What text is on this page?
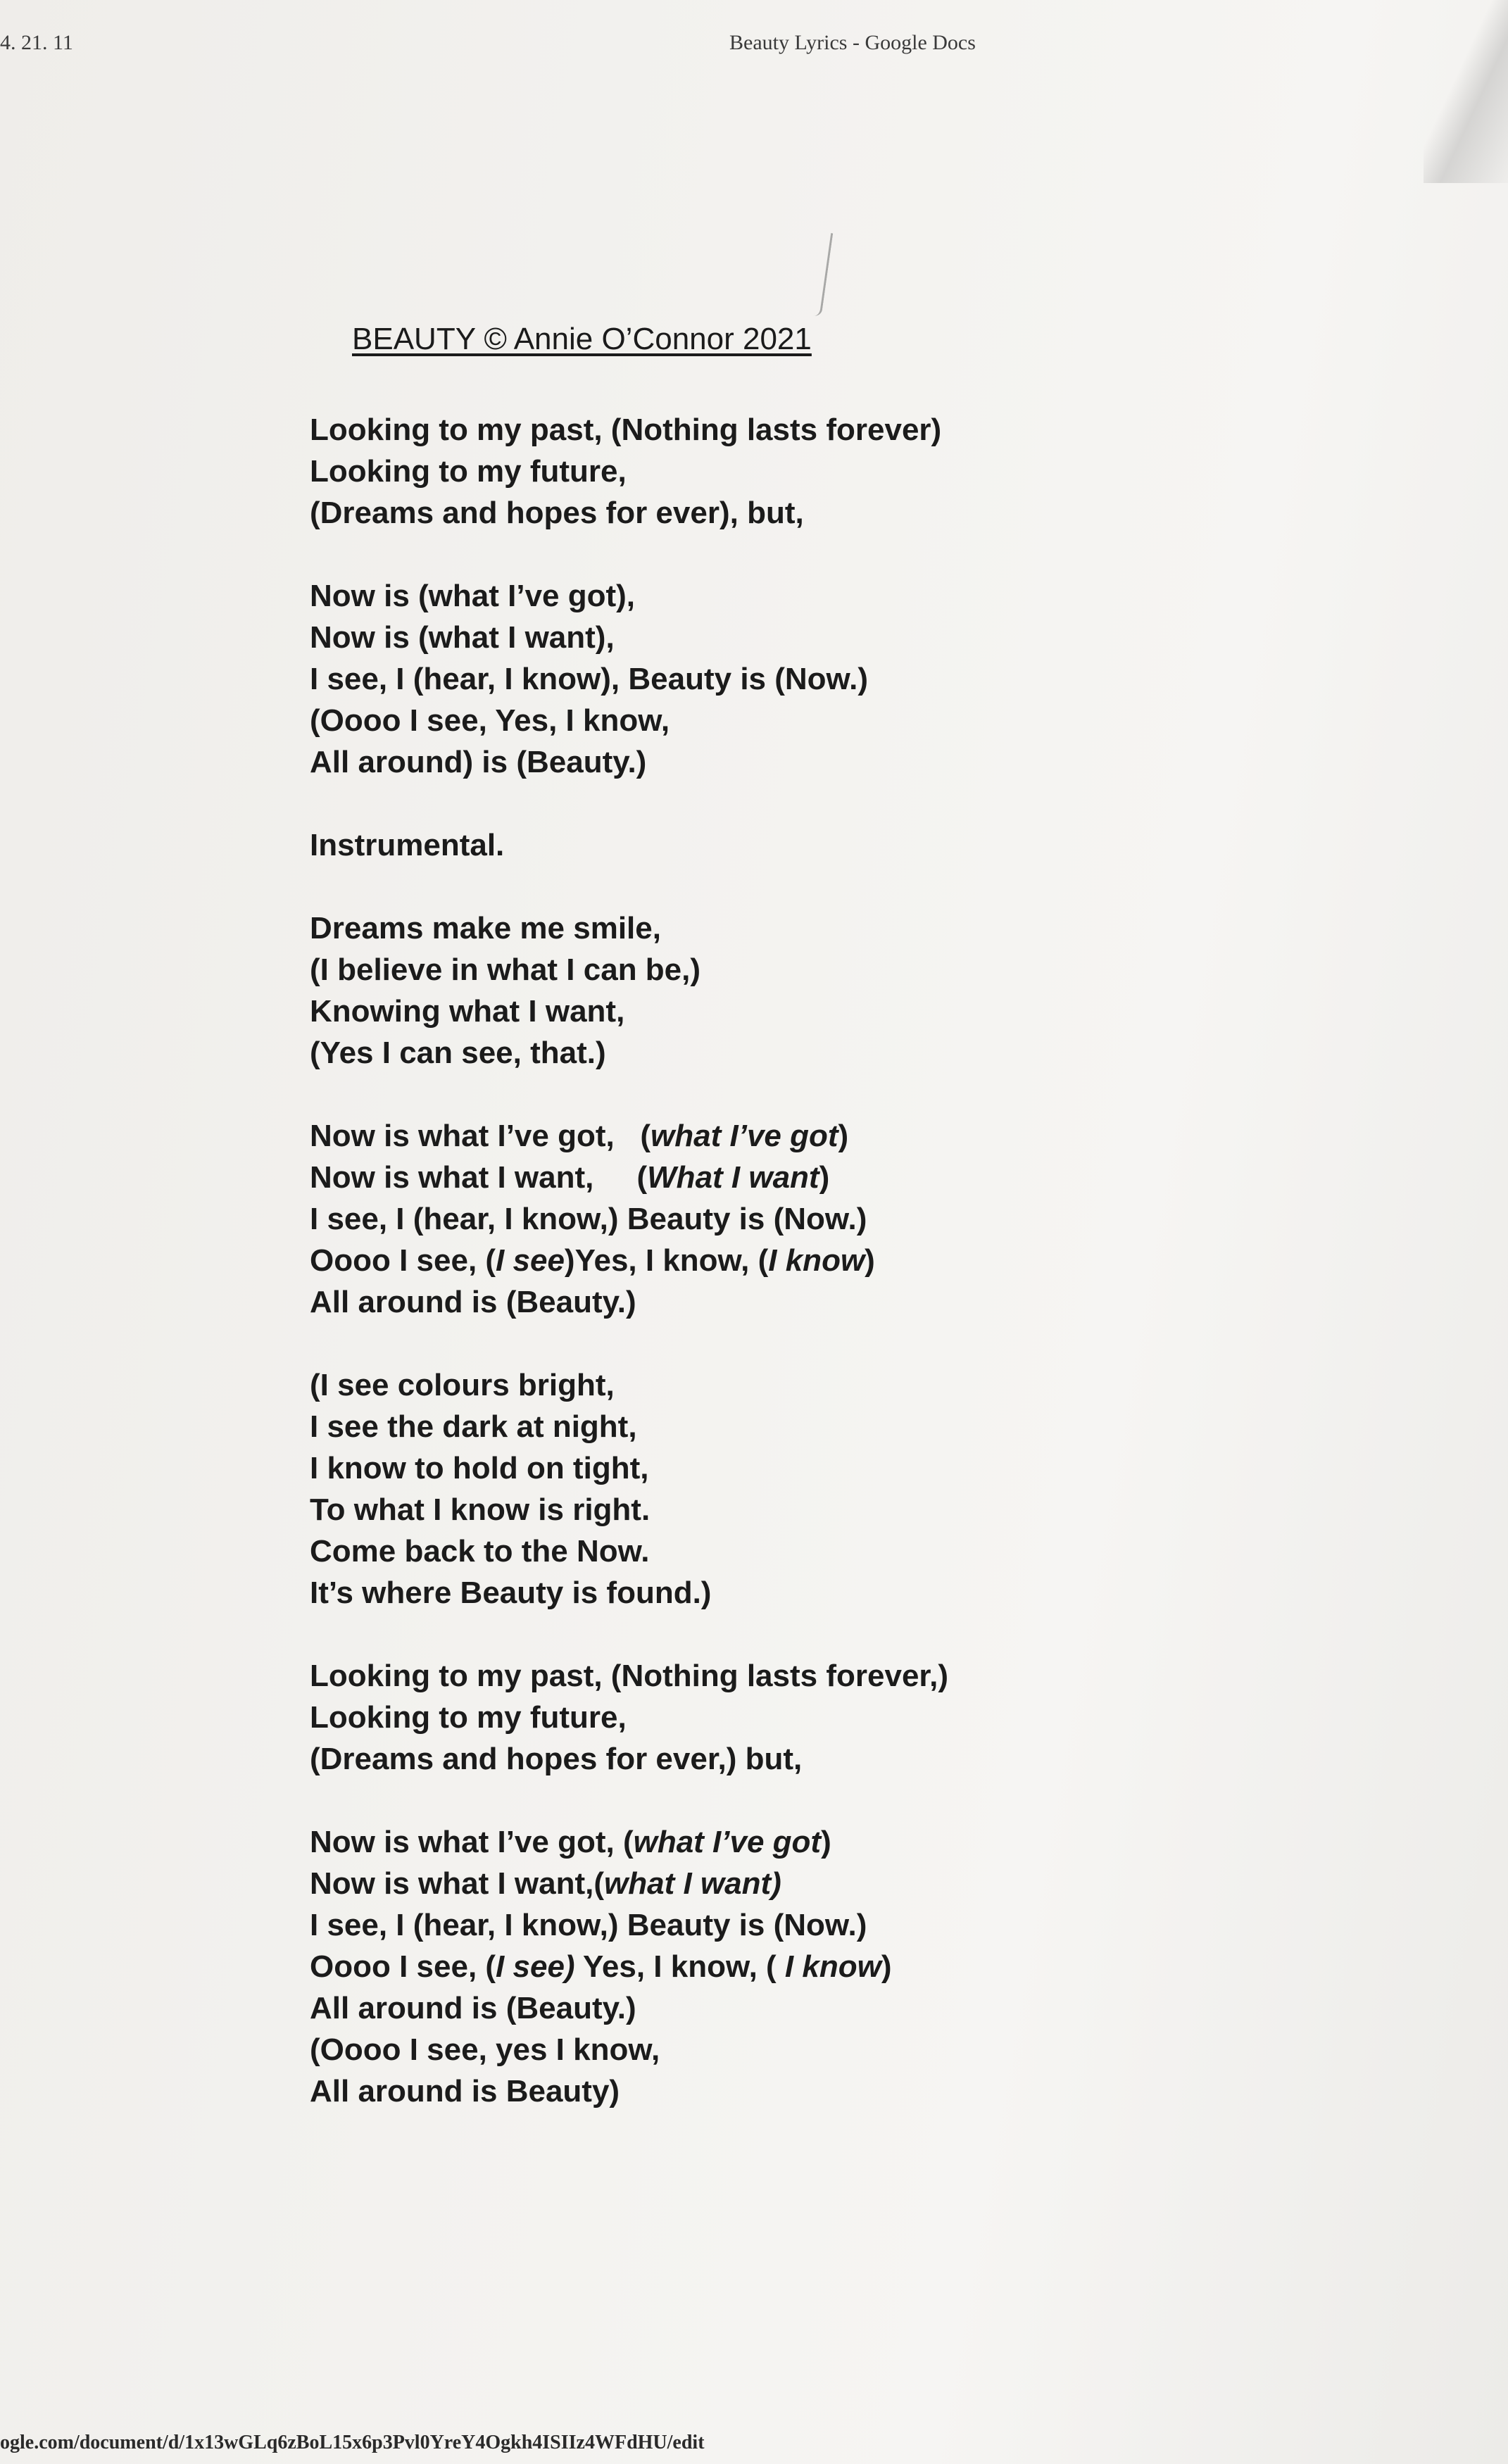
4. 21. 11	Beauty Lyrics - Google Docs
BEAUTY © Annie O’Connor 2021
Looking to my past, (Nothing lasts forever)
Looking to my future,
(Dreams and hopes for ever), but,
Now is (what I’ve got),
Now is (what I want),
I see, I (hear, I know), Beauty is (Now.)
(Oooo I see, Yes, I know,
All around) is (Beauty.)
Instrumental.
Dreams make me smile,
(I believe in what I can be,)
Knowing what I want,
(Yes I can see, that.)
Now is what I’ve got,   (what I’ve got)
Now is what I want,     (What I want)
I see, I (hear, I know,) Beauty is (Now.)
Oooo I see, (I see)Yes, I know, (I know)
All around is (Beauty.)
(I see colours bright,
I see the dark at night,
I know to hold on tight,
To what I know is right.
Come back to the Now.
It’s where Beauty is found.)
Looking to my past, (Nothing lasts forever,)
Looking to my future,
(Dreams and hopes for ever,) but,
Now is what I’ve got, (what I’ve got)
Now is what I want,(what I want)
I see, I (hear, I know,) Beauty is (Now.)
Oooo I see, (I see) Yes, I know, ( I know)
All around is (Beauty.)
(Oooo I see, yes I know,
All around is Beauty)
ogle.com/document/d/1x13wGLq6zBoL15x6p3Pvl0YreY4Ogkh4ISIIz4WFdHU/edit
